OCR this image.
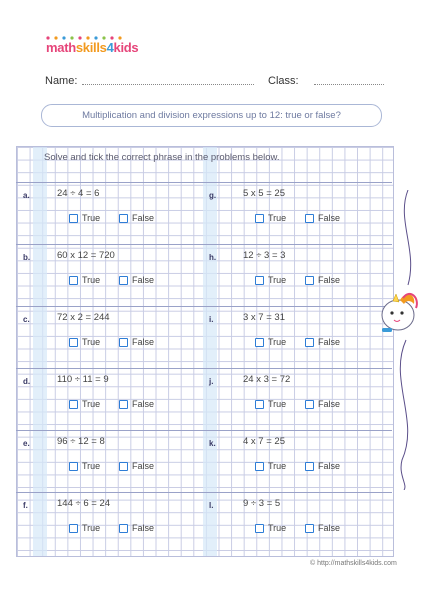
mathskills4kids
Name:	Class:
Multiplication and division expressions up to 12: true or false?
Solve and tick the correct phrase in the problems below.
a.	24 ÷ 4 = 6
True	False
b.	60 x 12 = 720
True	False
c.	72 x 2 = 244
True	False
d.	110 ÷ 11 = 9
True	False
e.	96 ÷ 12 = 8
True	False
f.	144 ÷ 6 = 24
True	False
g.	5 x 5 = 25
True	False
h.	12 ÷ 3 = 3
True	False
i.	3 x 7 = 31
True	False
j.	24 x 3 = 72
True	False
k.	4 x 7 = 25
True	False
l.	9 ÷ 3 = 5
True	False
© http://mathskills4kids.com
